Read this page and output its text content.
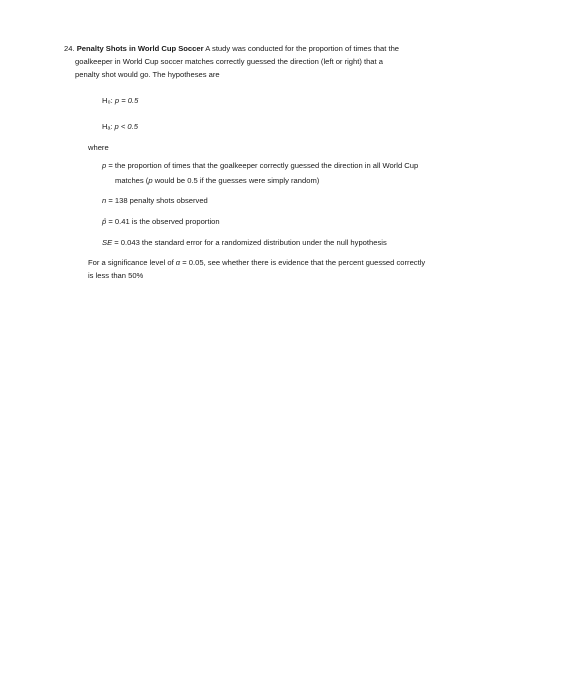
24. Penalty Shots in World Cup Soccer A study was conducted for the proportion of times that the
goalkeeper in World Cup soccer matches correctly guessed the direction (left or right) that a
penalty shot would go. The hypotheses are
H₀: p = 0.5
Hₐ: p < 0.5
where
p = the proportion of times that the goalkeeper correctly guessed the direction in all World Cup
matches (p would be 0.5 if the guesses were simply random)
n = 138 penalty shots observed
p̂ = 0.41 is the observed proportion
SE = 0.043 the standard error for a randomized distribution under the null hypothesis
For a significance level of α = 0.05, see whether there is evidence that the percent guessed correctly
is less than 50%
